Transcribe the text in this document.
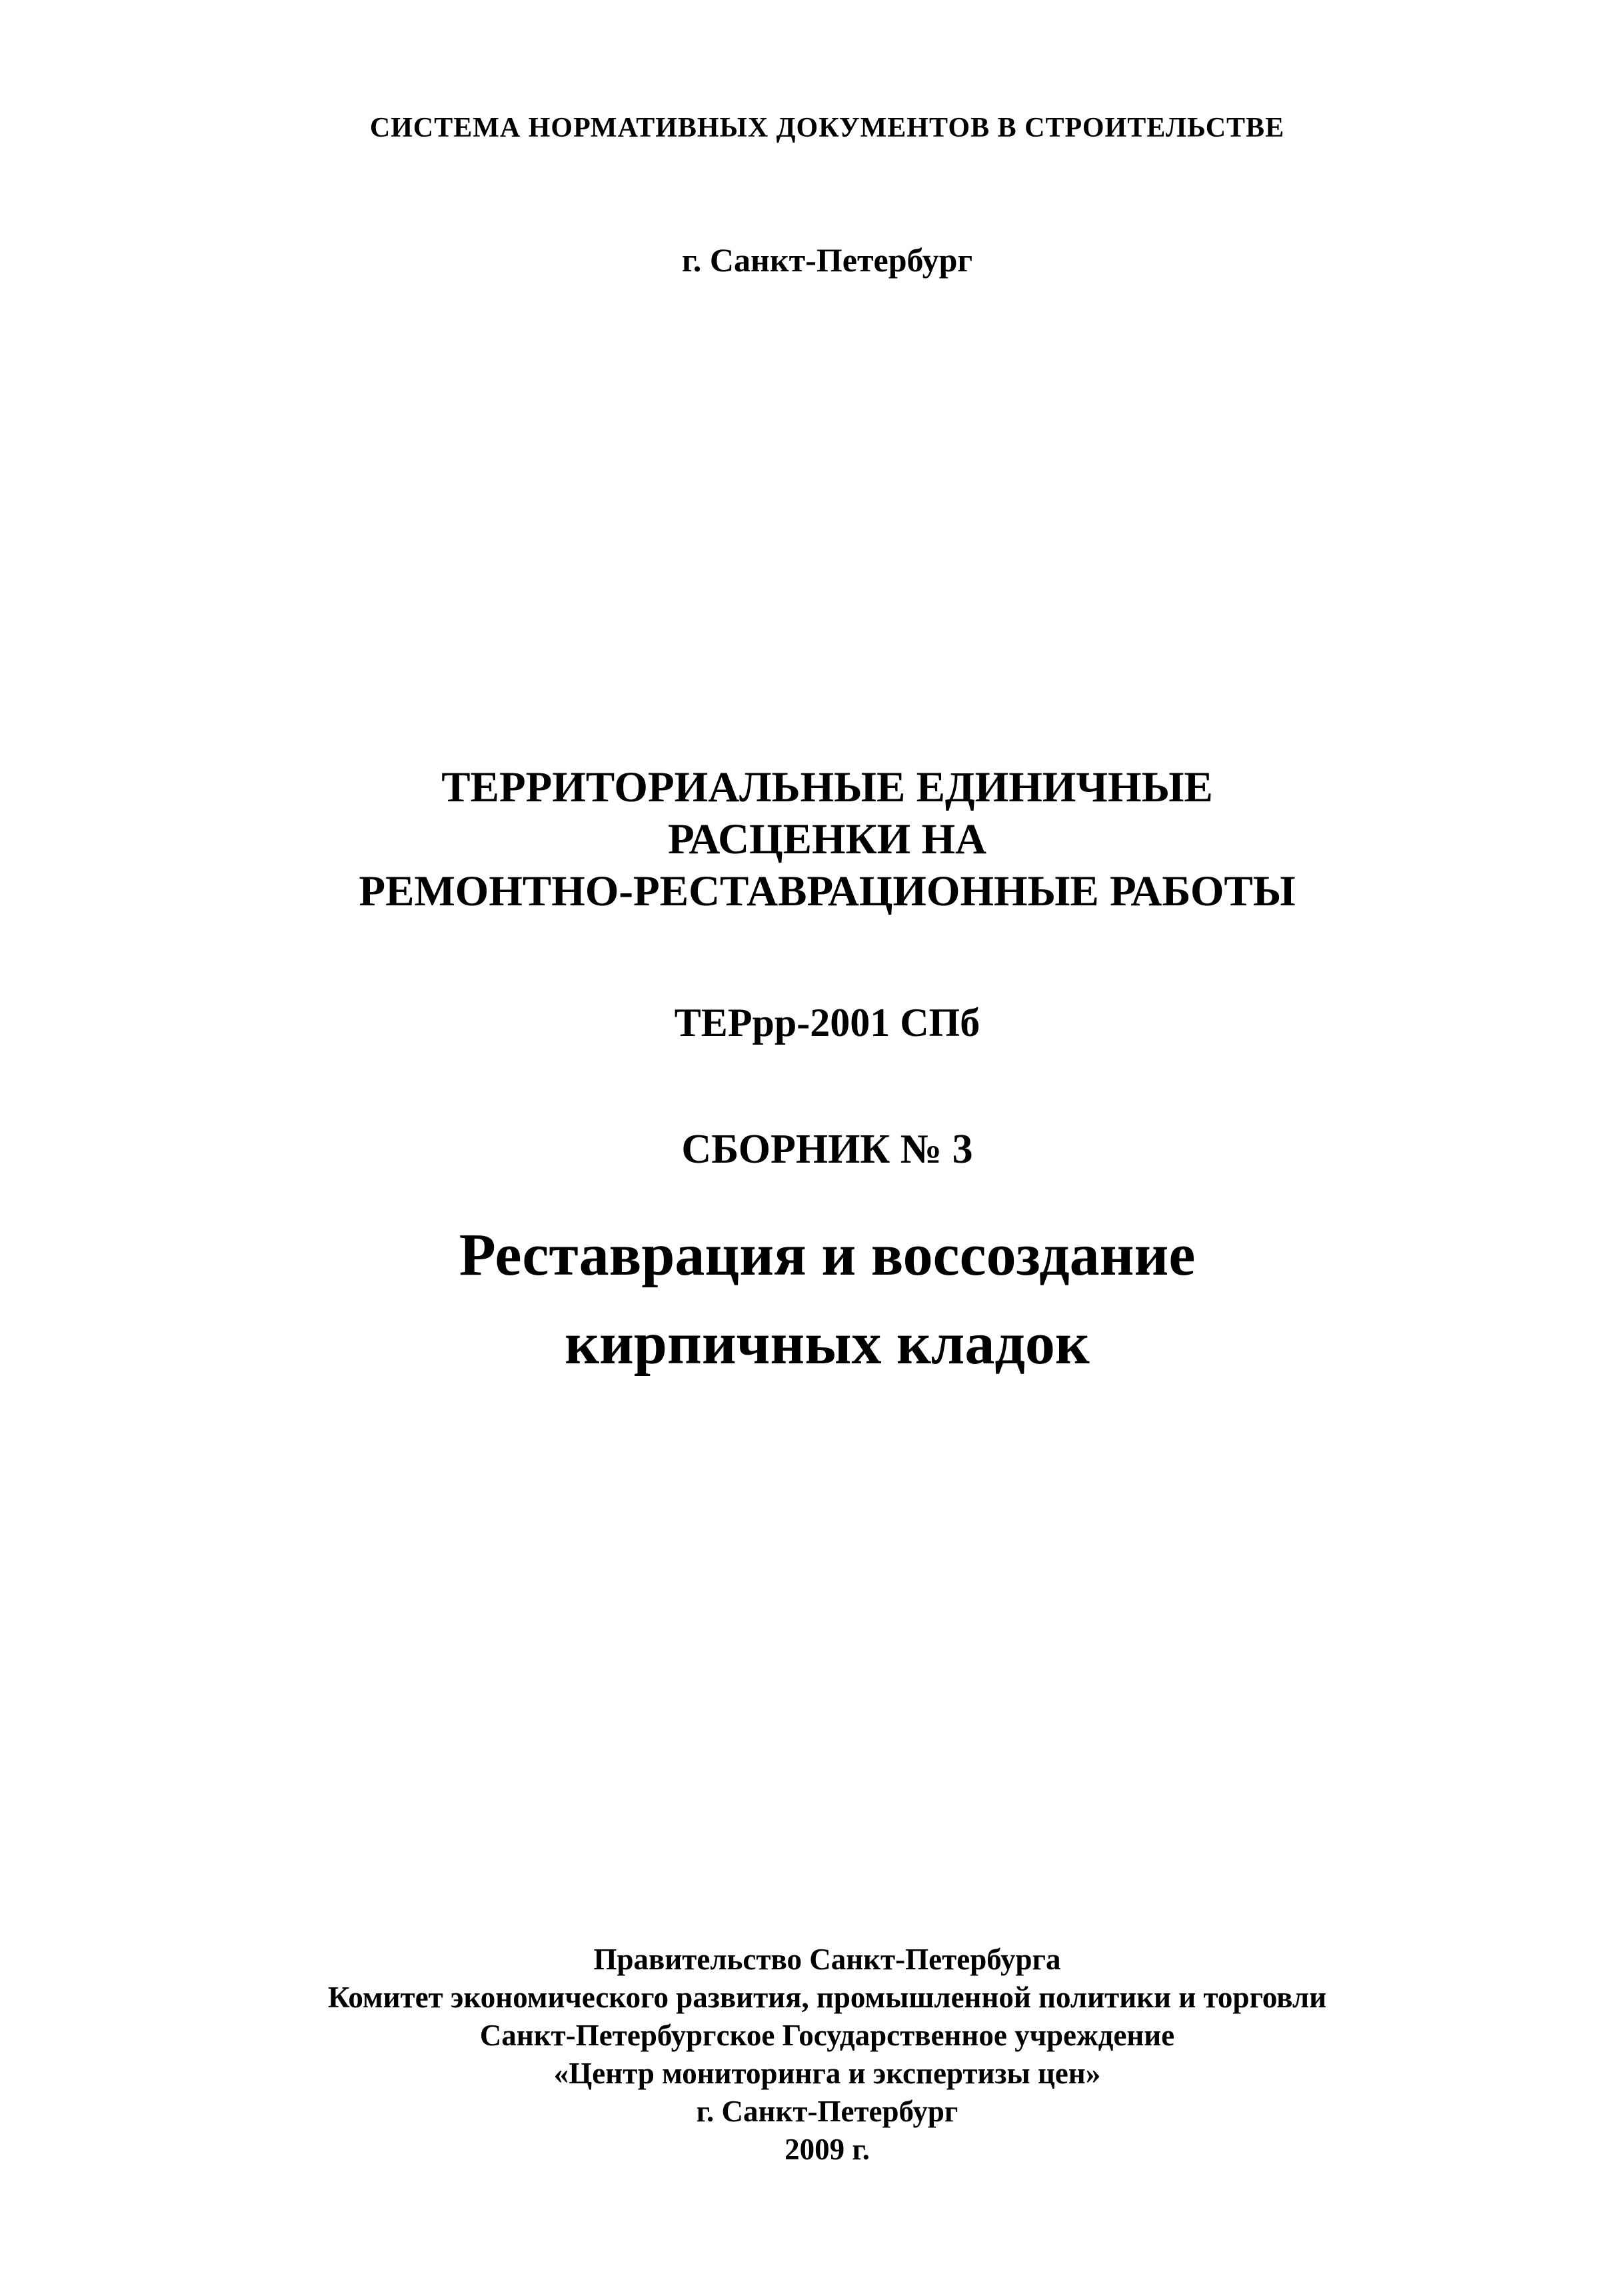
СИСТЕМА НОРМАТИВНЫХ ДОКУМЕНТОВ В СТРОИТЕЛЬСТВЕ
г. Санкт-Петербург
ТЕРРИТОРИАЛЬНЫЕ ЕДИНИЧНЫЕ
РАСЦЕНКИ НА
РЕМОНТНО-РЕСТАВРАЦИОННЫЕ РАБОТЫ
ТЕРрр-2001 СПб
СБОРНИК № 3
Реставрация и воссоздание
кирпичных кладок
Правительство Санкт-Петербурга
Комитет экономического развития, промышленной политики и торговли
Санкт-Петербургское Государственное учреждение
«Центр мониторинга и экспертизы цен»
г. Санкт-Петербург
2009 г.
